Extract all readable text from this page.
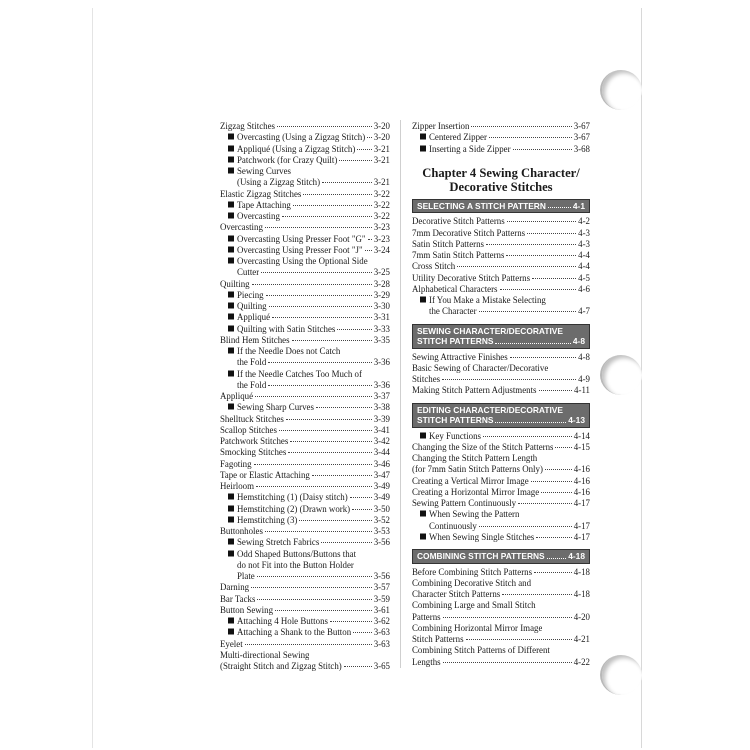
Zigzag Stitches	3-20
Overcasting (Using a Zigzag Stitch) 3-20
Appliqué (Using a Zigzag Stitch) 3-21
Patchwork (for Crazy Quilt)	3-21
Sewing Curves
(Using a Zigzag Stitch)	3-21
Elastic Zigzag Stitches	3-22
Tape Attaching	3-22
Overcasting	3-22
Overcasting	3-23
Overcasting Using Presser Foot "G" 3-23
Overcasting Using Presser Foot "J" 3-24
Overcasting Using the Optional Side
Cutter	3-25
Quilting	3-28
Piecing	3-29
Quilting	3-30
Appliqué	3-31
Quilting with Satin Stitches	3-33
Blind Hem Stitches	3-35
If the Needle Does not Catch
the Fold	3-36
If the Needle Catches Too Much of
the Fold	3-36
Appliqué	3-37
Sewing Sharp Curves	3-38
Shelltuck Stitches	3-39
Scallop Stitches	3-41
Patchwork Stitches	3-42
Smocking Stitches	3-44
Fagoting	3-46
Tape or Elastic Attaching	3-47
Heirloom	3-49
Hemstitching (1) (Daisy stitch)	3-49
Hemstitching (2) (Drawn work)	3-50
Hemstitching (3)	3-52
Buttonholes	3-53
Sewing Stretch Fabrics	3-56
Odd Shaped Buttons/Buttons that
do not Fit into the Button Holder
Plate	3-56
Darning	3-57
Bar Tacks	3-59
Button Sewing	3-61
Attaching 4 Hole Buttons	3-62
Attaching a Shank to the Button	3-63
Eyelet	3-63
Multi-directional Sewing
(Straight Stitch and Zigzag Stitch)	3-65
Zipper Insertion	3-67
Centered Zipper	3-67
Inserting a Side Zipper	3-68
Chapter 4 Sewing Character/
Decorative Stitches
SELECTING A STITCH PATTERN	4-1
Decorative Stitch Patterns	4-2
7mm Decorative Stitch Patterns	4-3
Satin Stitch Patterns	4-3
7mm Satin Stitch Patterns	4-4
Cross Stitch	4-4
Utility Decorative Stitch Patterns	4-5
Alphabetical Characters	4-6
If You Make a Mistake Selecting
the Character	4-7
SEWING CHARACTER/DECORATIVE
STITCH PATTERNS	4-8
Sewing Attractive Finishes	4-8
Basic Sewing of Character/Decorative
Stitches	4-9
Making Stitch Pattern Adjustments	4-11
EDITING CHARACTER/DECORATIVE
STITCH PATTERNS	4-13
Key Functions	4-14
Changing the Size of the Stitch Patterns 4-15
Changing the Stitch Pattern Length
(for 7mm Satin Stitch Patterns Only)	4-16
Creating a Vertical Mirror Image	4-16
Creating a Horizontal Mirror Image	4-16
Sewing Pattern Continuously	4-17
When Sewing the Pattern
Continuously	4-17
When Sewing Single Stitches	4-17
COMBINING STITCH PATTERNS	4-18
Before Combining Stitch Patterns	4-18
Combining Decorative Stitch and
Character Stitch Patterns	4-18
Combining Large and Small Stitch
Patterns	4-20
Combining Horizontal Mirror Image
Stitch Patterns	4-21
Combining Stitch Patterns of Different
Lengths	4-22
